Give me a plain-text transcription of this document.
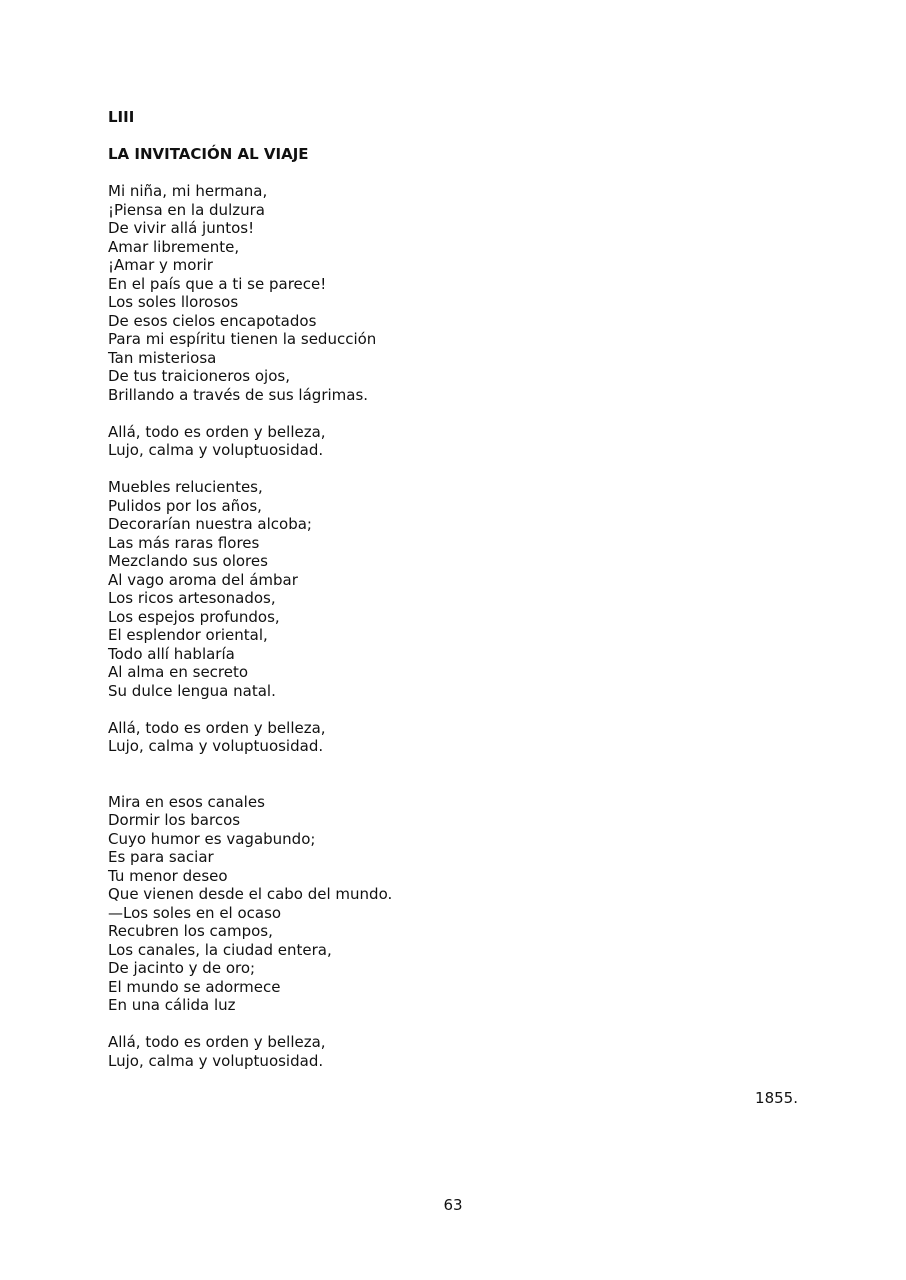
LIII

LA INVITACIÓN AL VIAJE

Mi niña, mi hermana,
¡Piensa en la dulzura
De vivir allá juntos!
Amar libremente,
¡Amar y morir
En el país que a ti se parece!
Los soles llorosos
De esos cielos encapotados
Para mi espíritu tienen la seducción
Tan misteriosa
De tus traicioneros ojos,
Brillando a través de sus lágrimas.
Allá, todo es orden y belleza,
Lujo, calma y voluptuosidad.
Muebles relucientes,
Pulidos por los años,
Decorarían nuestra alcoba;
Las más raras flores
Mezclando sus olores
Al vago aroma del ámbar
Los ricos artesonados,
Los espejos profundos,
El esplendor oriental,
Todo allí hablaría
Al alma en secreto
Su dulce lengua natal.
Allá, todo es orden y belleza,
Lujo, calma y voluptuosidad.
Mira en esos canales
Dormir los barcos
Cuyo humor es vagabundo;
Es para saciar
Tu menor deseo
Que vienen desde el cabo del mundo.
—Los soles en el ocaso
Recubren los campos,
Los canales, la ciudad entera,
De jacinto y de oro;
El mundo se adormece
En una cálida luz
Allá, todo es orden y belleza,
Lujo, calma y voluptuosidad.
1855.
63
